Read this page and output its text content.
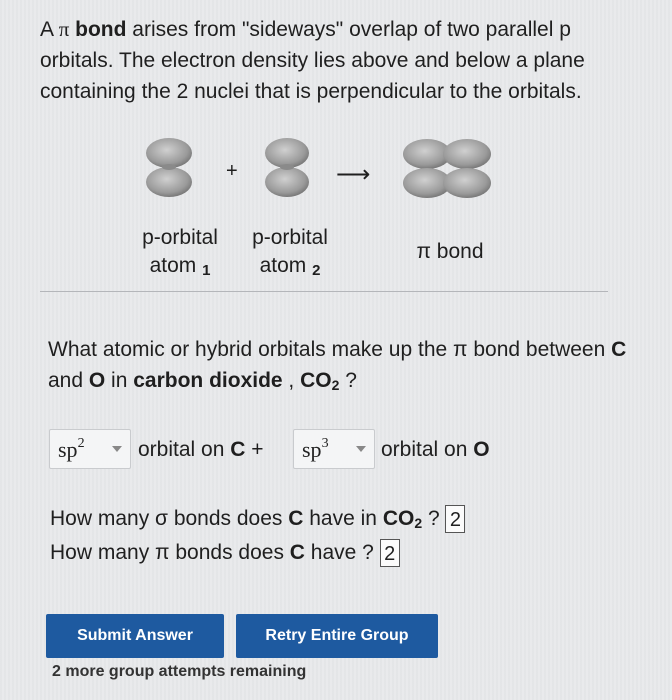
A π bond arises from "sideways" overlap of two parallel p orbitals. The electron density lies above and below a plane containing the 2 nuclei that is perpendicular to the orbitals.
+	⟶
p-orbital
atom $_1$
p-orbital
atom $_2$
π bond
What atomic or hybrid orbitals make up the π bond between C and O in carbon dioxide , $CO_2$ ?
$sp^2$	orbital on C +	$sp^3$ orbital on O
How many σ bonds does C have in $CO_2$ ? 2
How many π bonds does C have ? 2
Submit Answer	Retry Entire Group
2 more group attempts remaining
